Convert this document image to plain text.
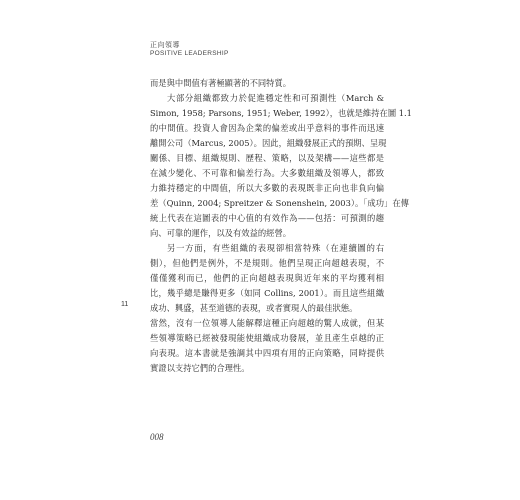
正向領導
POSITIVE LEADERSHIP
11
而是與中間值有著極顯著的不同特質。
大部分組織都致力於促進穩定性和可預測性（March &
Simon, 1958; Parsons, 1951; Weber, 1992），也就是維持在圖 1.1
的中間值。投資人會因為企業的偏差或出乎意料的事件而迅速
離開公司（Marcus, 2005）。因此，組織發展正式的預期、呈現
關係、目標、組織規則、歷程、策略，以及架構——這些都是
在減少變化、不可靠和偏差行為。大多數組織及領導人，都致
力維持穩定的中間值，所以大多數的表現既非正向也非負向偏
差（Quinn, 2004; Spreitzer & Sonenshein, 2003）。「成功」在傳
統上代表在這圖表的中心值的有效作為——包括：可預測的趨
向、可靠的運作，以及有效益的經營。
另一方面，有些組織的表現卻相當特殊（在連續圖的右
側），但他們是例外，不是規則。他們呈現正向超越表現，不
僅僅獲利而已，他們的正向超越表現與近年來的平均獲利相
比，幾乎總是賺得更多（如同 Collins, 2001）。而且這些組織
成功、興盛，甚至道德的表現，或者實現人的最佳狀態。
當然，沒有一位領導人能解釋這種正向超越的驚人成就，但某
些領導策略已經被發現能使組織成功發展，並且產生卓越的正
向表現。這本書就是強調其中四項有用的正向策略，同時提供
實證以支持它們的合理性。
008
